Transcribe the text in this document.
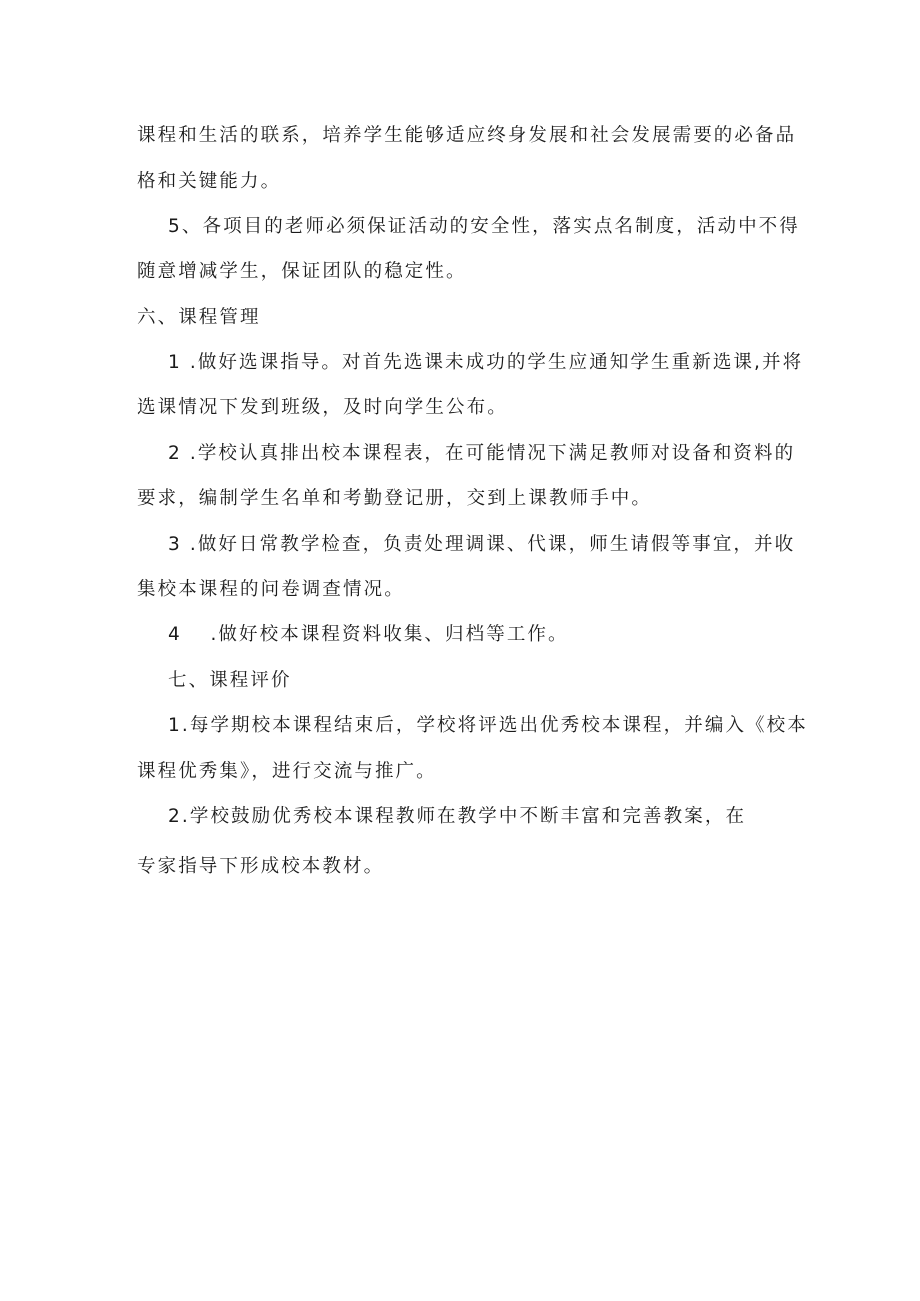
课程和生活的联系，培养学生能够适应终身发展和社会发展需要的必备品
格和关键能力。
5、各项目的老师必须保证活动的安全性，落实点名制度，活动中不得
随意增减学生，保证团队的稳定性。
六、课程管理
1 .做好选课指导。对首先选课未成功的学生应通知学生重新选课,并将
选课情况下发到班级，及时向学生公布。
2 .学校认真排出校本课程表，在可能情况下满足教师对设备和资料的
要求，编制学生名单和考勤登记册，交到上课教师手中。
3 .做好日常教学检查，负责处理调课、代课，师生请假等事宜，并收
集校本课程的问卷调查情况。
4　 .做好校本课程资料收集、归档等工作。
七、课程评价
1.每学期校本课程结束后，学校将评选出优秀校本课程，并编入《校本
课程优秀集》，进行交流与推广。
2.学校鼓励优秀校本课程教师在教学中不断丰富和完善教案，在
专家指导下形成校本教材。
